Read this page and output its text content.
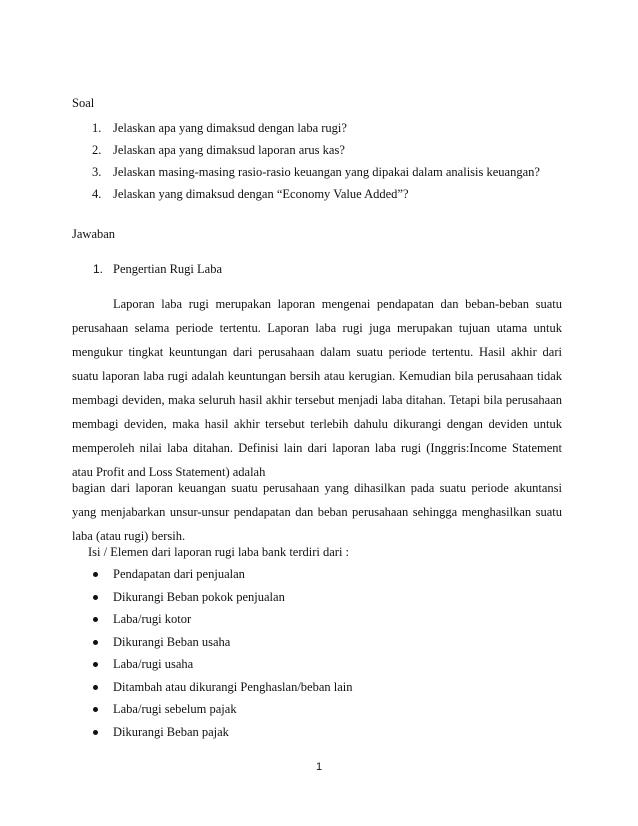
Soal
1. Jelaskan apa yang dimaksud dengan laba rugi?
2. Jelaskan apa yang dimaksud laporan arus kas?
3. Jelaskan masing-masing rasio-rasio keuangan yang dipakai dalam analisis keuangan?
4. Jelaskan yang dimaksud dengan “Economy Value Added”?
Jawaban
1. Pengertian Rugi Laba
Laporan laba rugi merupakan laporan mengenai pendapatan dan beban-beban suatu
perusahaan selama periode tertentu. Laporan laba rugi juga merupakan tujuan utama untuk
mengukur tingkat keuntungan dari perusahaan dalam suatu periode tertentu. Hasil akhir dari
suatu laporan laba rugi adalah keuntungan bersih atau kerugian. Kemudian bila perusahaan tidak
membagi deviden, maka seluruh hasil akhir tersebut menjadi laba ditahan. Tetapi bila perusahaan
membagi deviden, maka hasil akhir tersebut terlebih dahulu dikurangi dengan deviden untuk
memperoleh nilai laba ditahan. Definisi lain dari laporan laba rugi (Inggris:Income Statement
atau Profit and Loss Statement) adalah
bagian dari laporan keuangan suatu perusahaan yang dihasilkan pada suatu periode akuntansi
yang menjabarkan unsur-unsur pendapatan dan beban perusahaan sehingga menghasilkan suatu
laba (atau rugi) bersih.
Isi / Elemen dari laporan rugi laba bank terdiri dari :
Pendapatan dari penjualan
Dikurangi Beban pokok penjualan
Laba/rugi kotor
Dikurangi Beban usaha
Laba/rugi usaha
Ditambah atau dikurangi Penghaslan/beban lain
Laba/rugi sebelum pajak
Dikurangi Beban pajak
1
